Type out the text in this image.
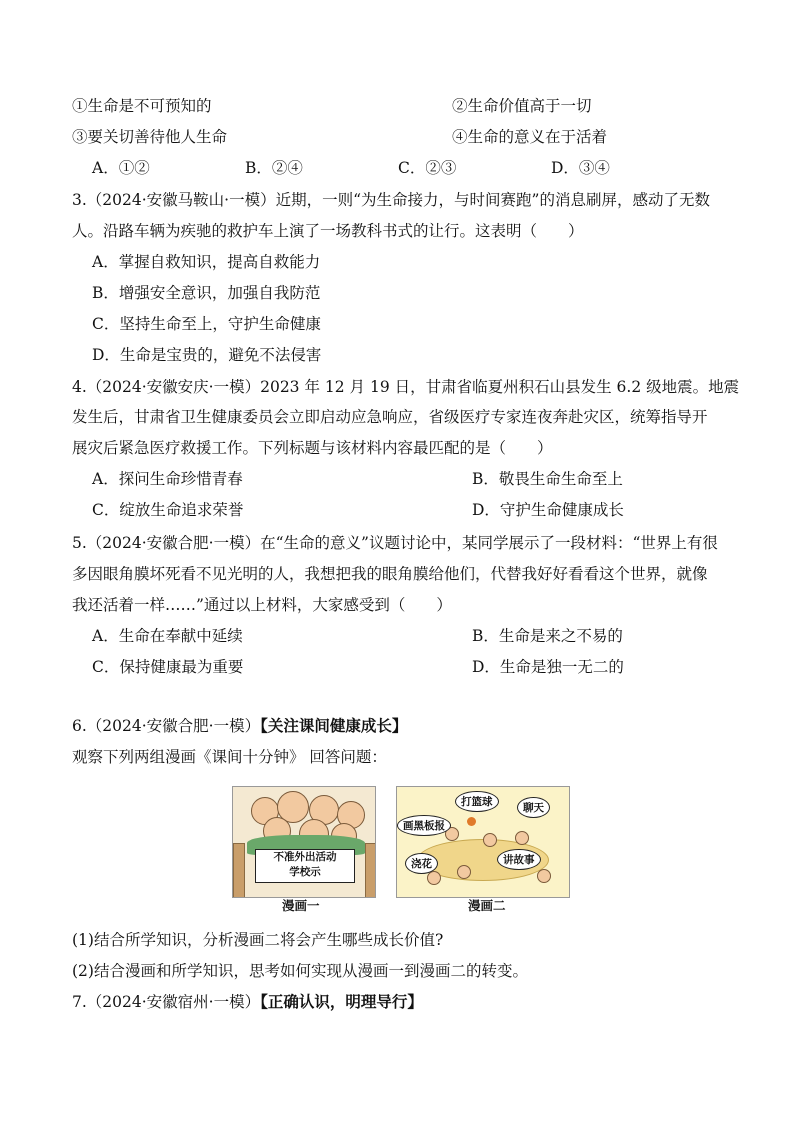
①生命是不可预知的	②生命价值高于一切
③要关切善待他人生命	④生命的意义在于活着
A．①②	B．②④	C．②③	D．③④
3.（2024·安徽马鞍山·一模）近期，一则“为生命接力，与时间赛跑”的消息刷屏，感动了无数
人。沿路车辆为疾驰的救护车上演了一场教科书式的让行。这表明（　　）
A．掌握自救知识，提高自救能力
B．增强安全意识，加强自我防范
C．坚持生命至上，守护生命健康
D．生命是宝贵的，避免不法侵害
4.（2024·安徽安庆·一模）2023 年 12 月 19 日，甘肃省临夏州积石山县发生 6.2 级地震。地震
发生后，甘肃省卫生健康委员会立即启动应急响应，省级医疗专家连夜奔赴灾区，统筹指导开
展灾后紧急医疗救援工作。下列标题与该材料内容最匹配的是（　　）
A．探问生命珍惜青春	B．敬畏生命生命至上
C．绽放生命追求荣誉	D．守护生命健康成长
5.（2024·安徽合肥·一模）在“生命的意义”议题讨论中，某同学展示了一段材料：“世界上有很
多因眼角膜坏死看不见光明的人，我想把我的眼角膜给他们，代替我好好看看这个世界，就像
我还活着一样……”通过以上材料，大家感受到（　　）
A．生命在奉献中延续	B．生命是来之不易的
C．保持健康最为重要	D．生命是独一无二的
6.（2024·安徽合肥·一模）【关注课间健康成长】
观察下列两组漫画《课间十分钟》 回答问题：
不准外出活动
学校示
漫画一
打篮球	聊天
画黑板报
浇花	讲故事
漫画二
(1)结合所学知识，分析漫画二将会产生哪些成长价值?
(2)结合漫画和所学知识，思考如何实现从漫画一到漫画二的转变。
7.（2024·安徽宿州·一模）【正确认识，明理导行】
